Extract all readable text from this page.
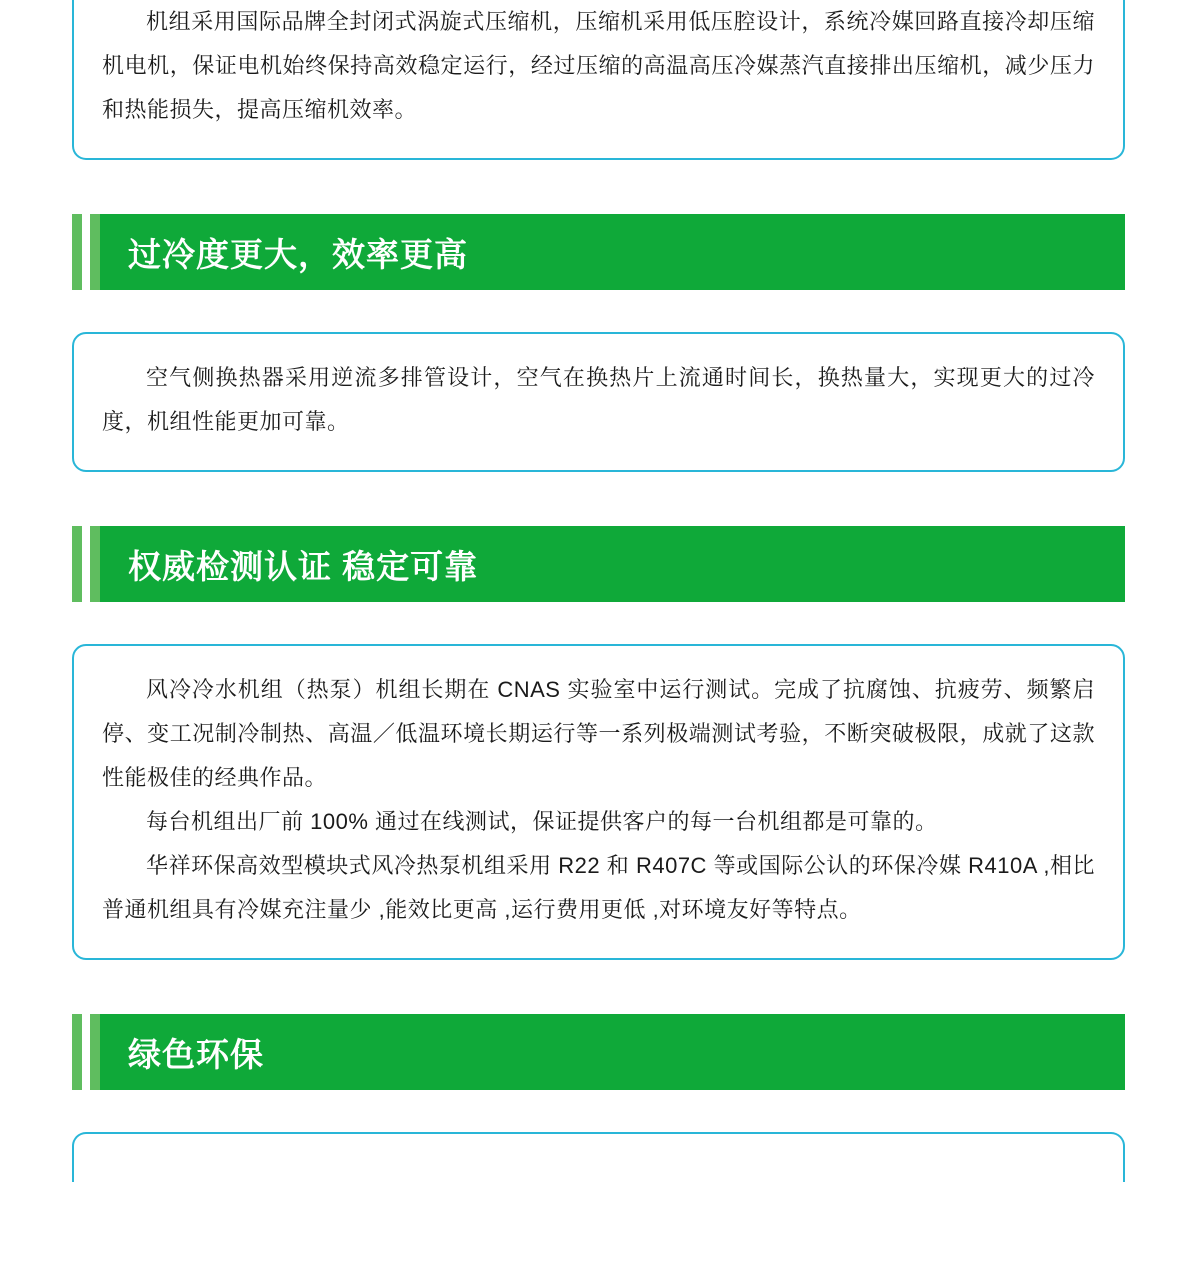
机组采用国际品牌全封闭式涡旋式压缩机，压缩机采用低压腔设计，系统冷媒回路直接冷却压缩机电机，保证电机始终保持高效稳定运行，经过压缩的高温高压冷媒蒸汽直接排出压缩机，减少压力和热能损失，提高压缩机效率。

过冷度更大，效率更高

空气侧换热器采用逆流多排管设计，空气在换热片上流通时间长，换热量大，实现更大的过冷度，机组性能更加可靠。

权威检测认证 稳定可靠

风冷冷水机组（热泵）机组长期在 CNAS 实验室中运行测试。完成了抗腐蚀、抗疲劳、频繁启停、变工况制冷制热、高温／低温环境长期运行等一系列极端测试考验，不断突破极限，成就了这款性能极佳的经典作品。

每台机组出厂前 100% 通过在线测试，保证提供客户的每一台机组都是可靠的。

华祥环保高效型模块式风冷热泵机组采用 R22 和 R407C 等或国际公认的环保冷媒 R410A ,相比普通机组具有冷媒充注量少 ,能效比更高 ,运行费用更低 ,对环境友好等特点。

绿色环保
